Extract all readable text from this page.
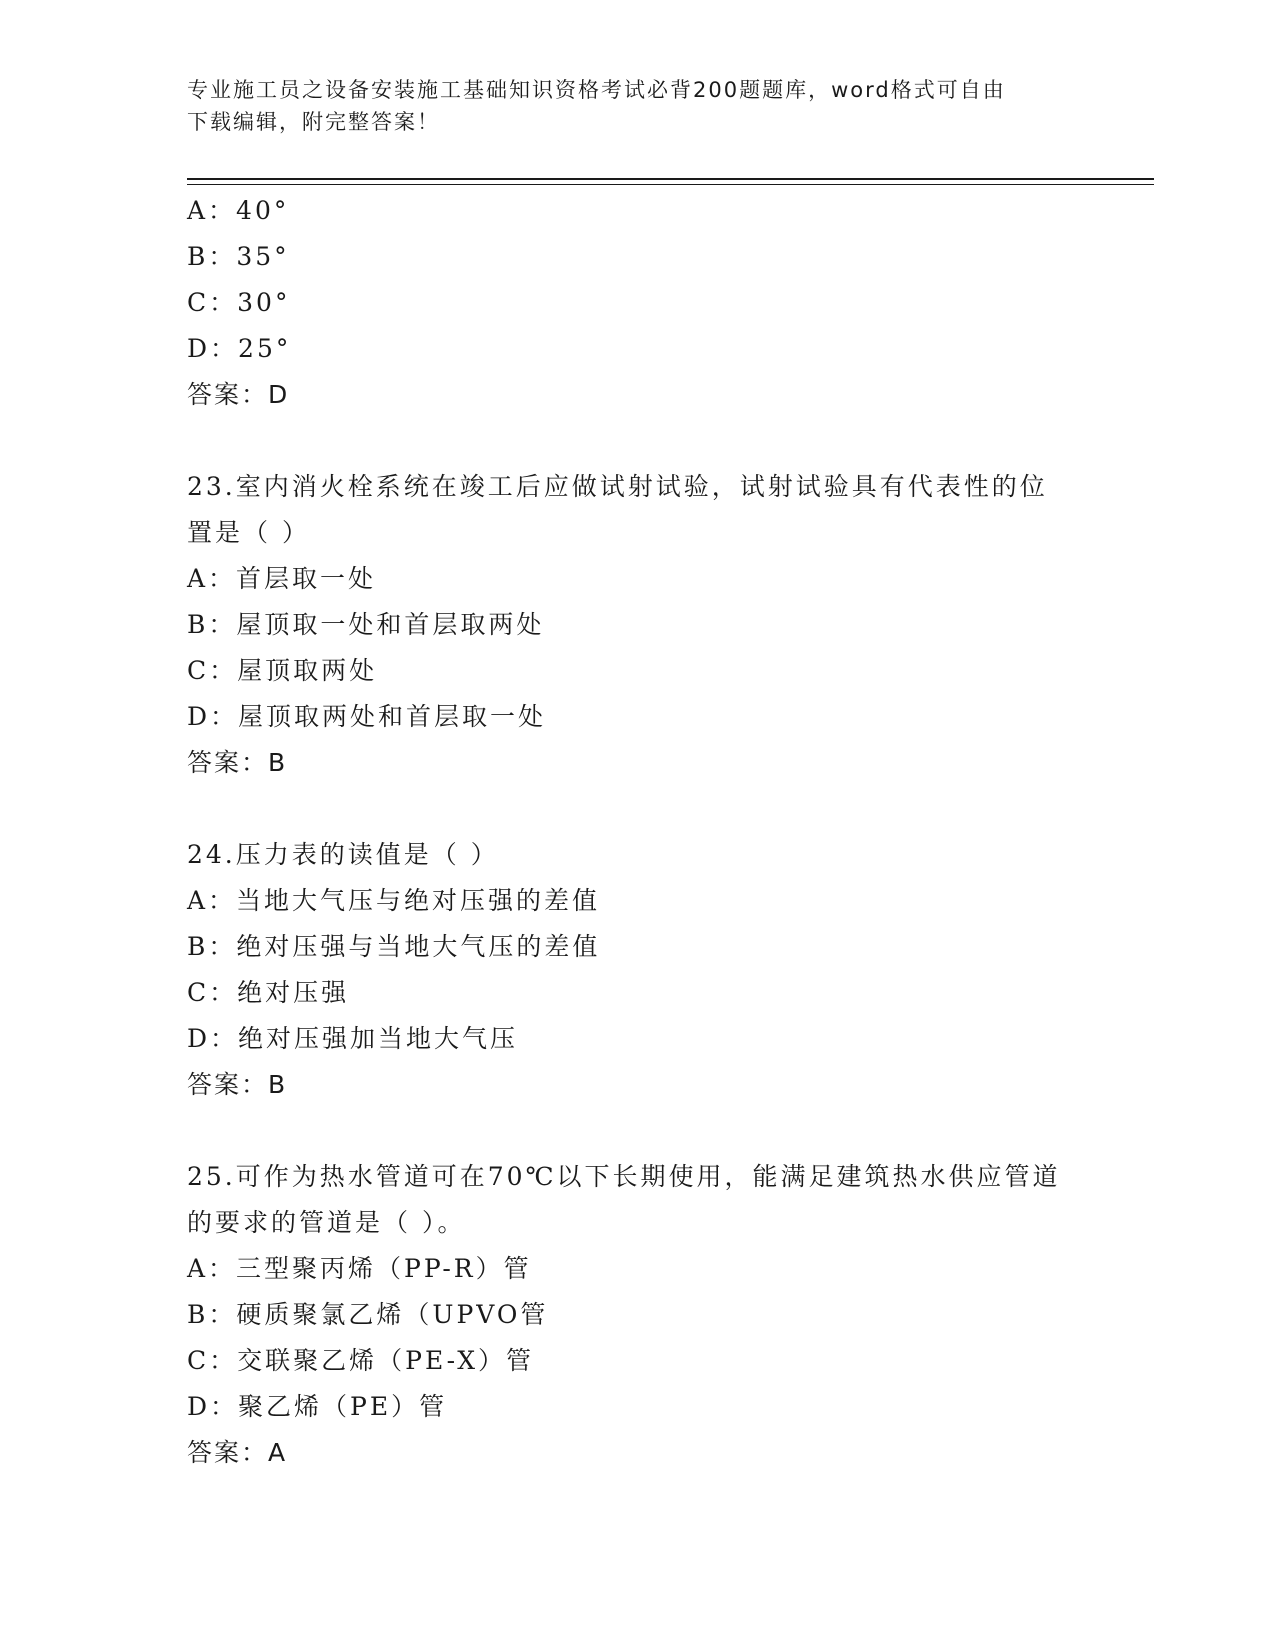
专业施工员之设备安装施工基础知识资格考试必背200题题库，word格式可自由
下载编辑，附完整答案！
A：40°
B：35°
C：30°
D：25°
答案：D
23.室内消火栓系统在竣工后应做试射试验，试射试验具有代表性的位
置是（ ）
A：首层取一处
B：屋顶取一处和首层取两处
C：屋顶取两处
D：屋顶取两处和首层取一处
答案：B
24.压力表的读值是（ ）
A：当地大气压与绝对压强的差值
B：绝对压强与当地大气压的差值
C：绝对压强
D：绝对压强加当地大气压
答案：B
25.可作为热水管道可在70℃以下长期使用，能满足建筑热水供应管道
的要求的管道是（ ）。
A：三型聚丙烯（PP-R）管
B：硬质聚氯乙烯（UPVO管
C：交联聚乙烯（PE-X）管
D：聚乙烯（PE）管
答案：A
